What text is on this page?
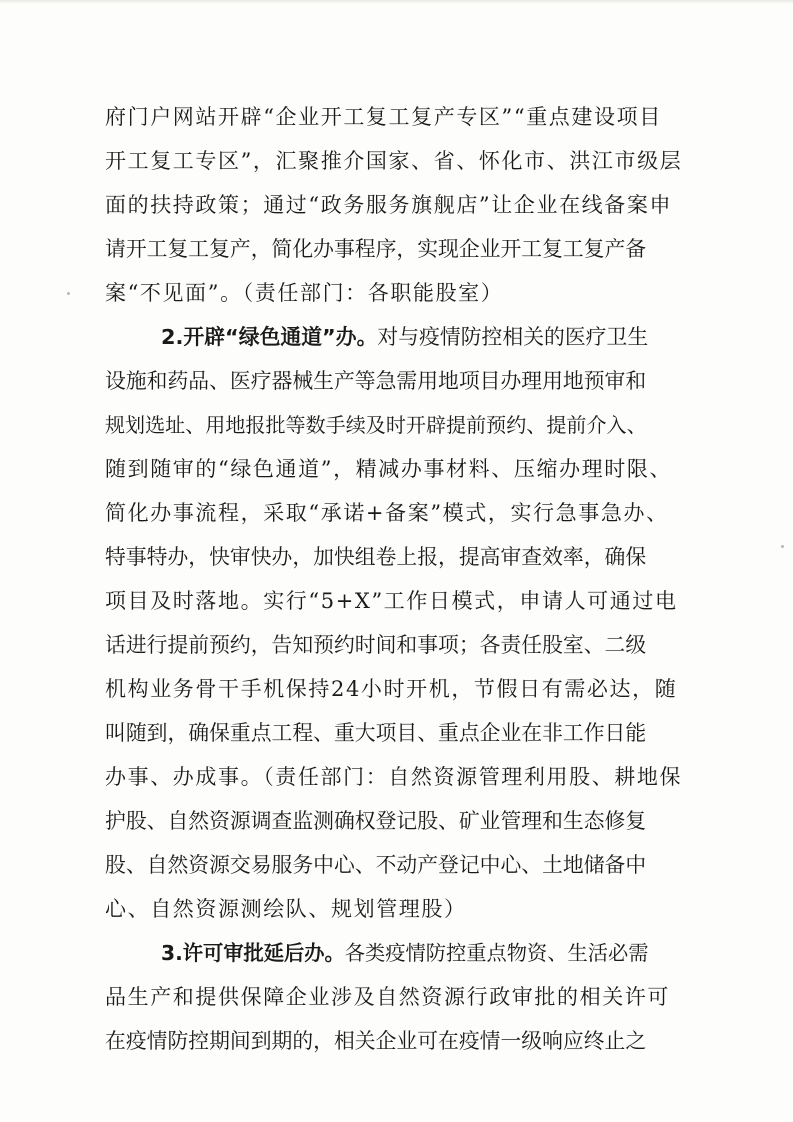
府门户网站开辟“企业开工复工复产专区”“重点建设项目
开工复工专区”，汇聚推介国家、省、怀化市、洪江市级层
面的扶持政策；通过“政务服务旗舰店”让企业在线备案申
请开工复工复产，简化办事程序，实现企业开工复工复产备
案“不见面”。（责任部门：各职能股室）
2.开辟“绿色通道”办。对与疫情防控相关的医疗卫生
设施和药品、医疗器械生产等急需用地项目办理用地预审和
规划选址、用地报批等数手续及时开辟提前预约、提前介入、
随到随审的“绿色通道”，精减办事材料、压缩办理时限、
简化办事流程，采取“承诺+备案”模式，实行急事急办、
特事特办，快审快办，加快组卷上报，提高审查效率，确保
项目及时落地。实行“5+X”工作日模式，申请人可通过电
话进行提前预约，告知预约时间和事项；各责任股室、二级
机构业务骨干手机保持24小时开机，节假日有需必达，随
叫随到，确保重点工程、重大项目、重点企业在非工作日能
办事、办成事。（责任部门：自然资源管理利用股、耕地保
护股、自然资源调查监测确权登记股、矿业管理和生态修复
股、自然资源交易服务中心、不动产登记中心、土地储备中
心、自然资源测绘队、规划管理股）
3.许可审批延后办。各类疫情防控重点物资、生活必需
品生产和提供保障企业涉及自然资源行政审批的相关许可
在疫情防控期间到期的，相关企业可在疫情一级响应终止之
